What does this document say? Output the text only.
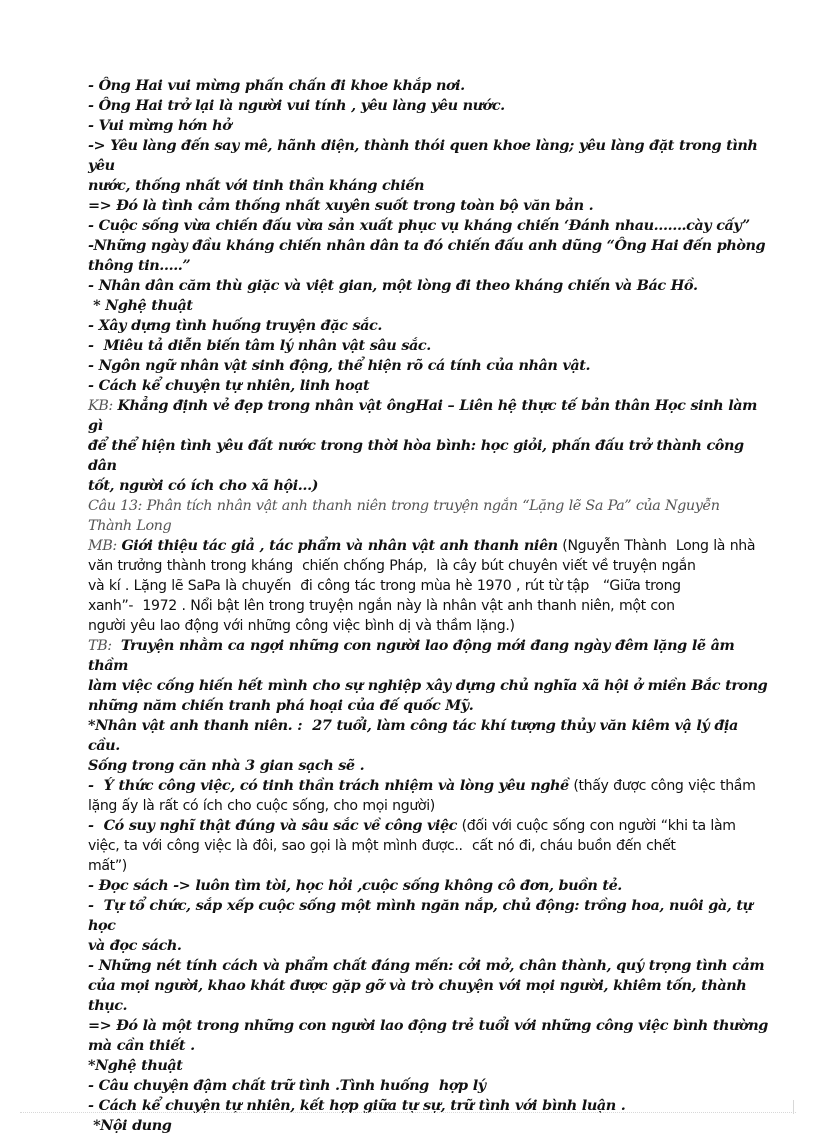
- Ông Hai vui mừng phấn chấn đi khoe khắp nơi.
- Ông Hai trở lại là người vui tính , yêu làng yêu nước.
- Vui mừng hớn hở
-> Yêu làng đến say mê, hãnh diện, thành thói quen khoe làng; yêu làng đặt trong tình yêu
nước, thống nhất với tinh thần kháng chiến
=> Đó là tình cảm thống nhất xuyên suốt trong toàn bộ văn bản .
- Cuộc sống vừa chiến đấu vừa sản xuất phục vụ kháng chiến ‘Đánh nhau…….cày cấy”
-Những ngày đầu kháng chiến nhân dân ta đó chiến đấu anh dũng “Ông Hai đến phòng
thông tin…..”
- Nhân dân căm thù giặc và việt gian, một lòng đi theo kháng chiến và Bác Hồ.
* Nghệ thuật
- Xây dựng tình huống truyện đặc sắc.
-  Miêu tả diễn biến tâm lý nhân vật sâu sắc.
- Ngôn ngữ nhân vật sinh động, thể hiện rõ cá tính của nhân vật.
- Cách kể chuyện tự nhiên, linh hoạt
KB: Khẳng định vẻ đẹp trong nhân vật ôngHai – Liên hệ thực tế bản thân Học sinh làm gì
để thể hiện tình yêu đất nước trong thời hòa bình: học giỏi, phấn đấu trở thành công dân
tốt, người có ích cho xã hội…)
Câu 13: Phân tích nhân vật anh thanh niên trong truyện ngắn “Lặng lẽ Sa Pa” của Nguyễn
Thành Long
MB: Giới thiệu tác giả , tác phẩm và nhân vật anh thanh niên (Nguyễn Thành  Long là nhà
văn trưởng thành trong kháng  chiến chống Pháp,  là cây bút chuyên viết về truyện ngắn
và kí . Lặng lẽ SaPa là chuyến  đi công tác trong mùa hè 1970 , rút từ tập   “Giữa trong
xanh”-  1972 . Nổi bật lên trong truyện ngắn này là nhân vật anh thanh niên, một con
người yêu lao động với những công việc bình dị và thầm lặng.)
TB:  Truyện nhằm ca ngợi những con người lao động mới đang ngày đêm lặng lẽ âm thầm
làm việc cống hiến hết mình cho sự nghiệp xây dựng chủ nghĩa xã hội ở miền Bắc trong
những năm chiến tranh phá hoại của đế quốc Mỹ.
*Nhân vật anh thanh niên. :  27 tuổi, làm công tác khí tượng thủy văn kiêm vậ lý địa cầu.
Sống trong căn nhà 3 gian sạch sẽ .
-  Ý thức công việc, có tinh thần trách nhiệm và lòng yêu nghề (thấy được công việc thầm
lặng ấy là rất có ích cho cuộc sống, cho mọi người)
-  Có suy nghĩ thật đúng và sâu sắc về công việc (đối với cuộc sống con người “khi ta làm
việc, ta với công việc là đôi, sao gọi là một mình được..  cất nó đi, cháu buồn đến chết
mất”)
- Đọc sách -> luôn tìm tòi, học hỏi ,cuộc sống không cô đơn, buồn tẻ.
-  Tự tổ chức, sắp xếp cuộc sống một mình ngăn nắp, chủ động: trồng hoa, nuôi gà, tự học
và đọc sách.
- Những nét tính cách và phẩm chất đáng mến: cởi mở, chân thành, quý trọng tình cảm
của mọi người, khao khát được gặp gỡ và trò chuyện với mọi người, khiêm tốn, thành thục.
=> Đó là một trong những con người lao động trẻ tuổi với những công việc bình thường
mà cần thiết .
*Nghệ thuật
- Câu chuyện đậm chất trữ tình .Tình huống  hợp lý
- Cách kể chuyện tự nhiên, kết hợp giữa tự sự, trữ tình với bình luận .
*Nội dung
